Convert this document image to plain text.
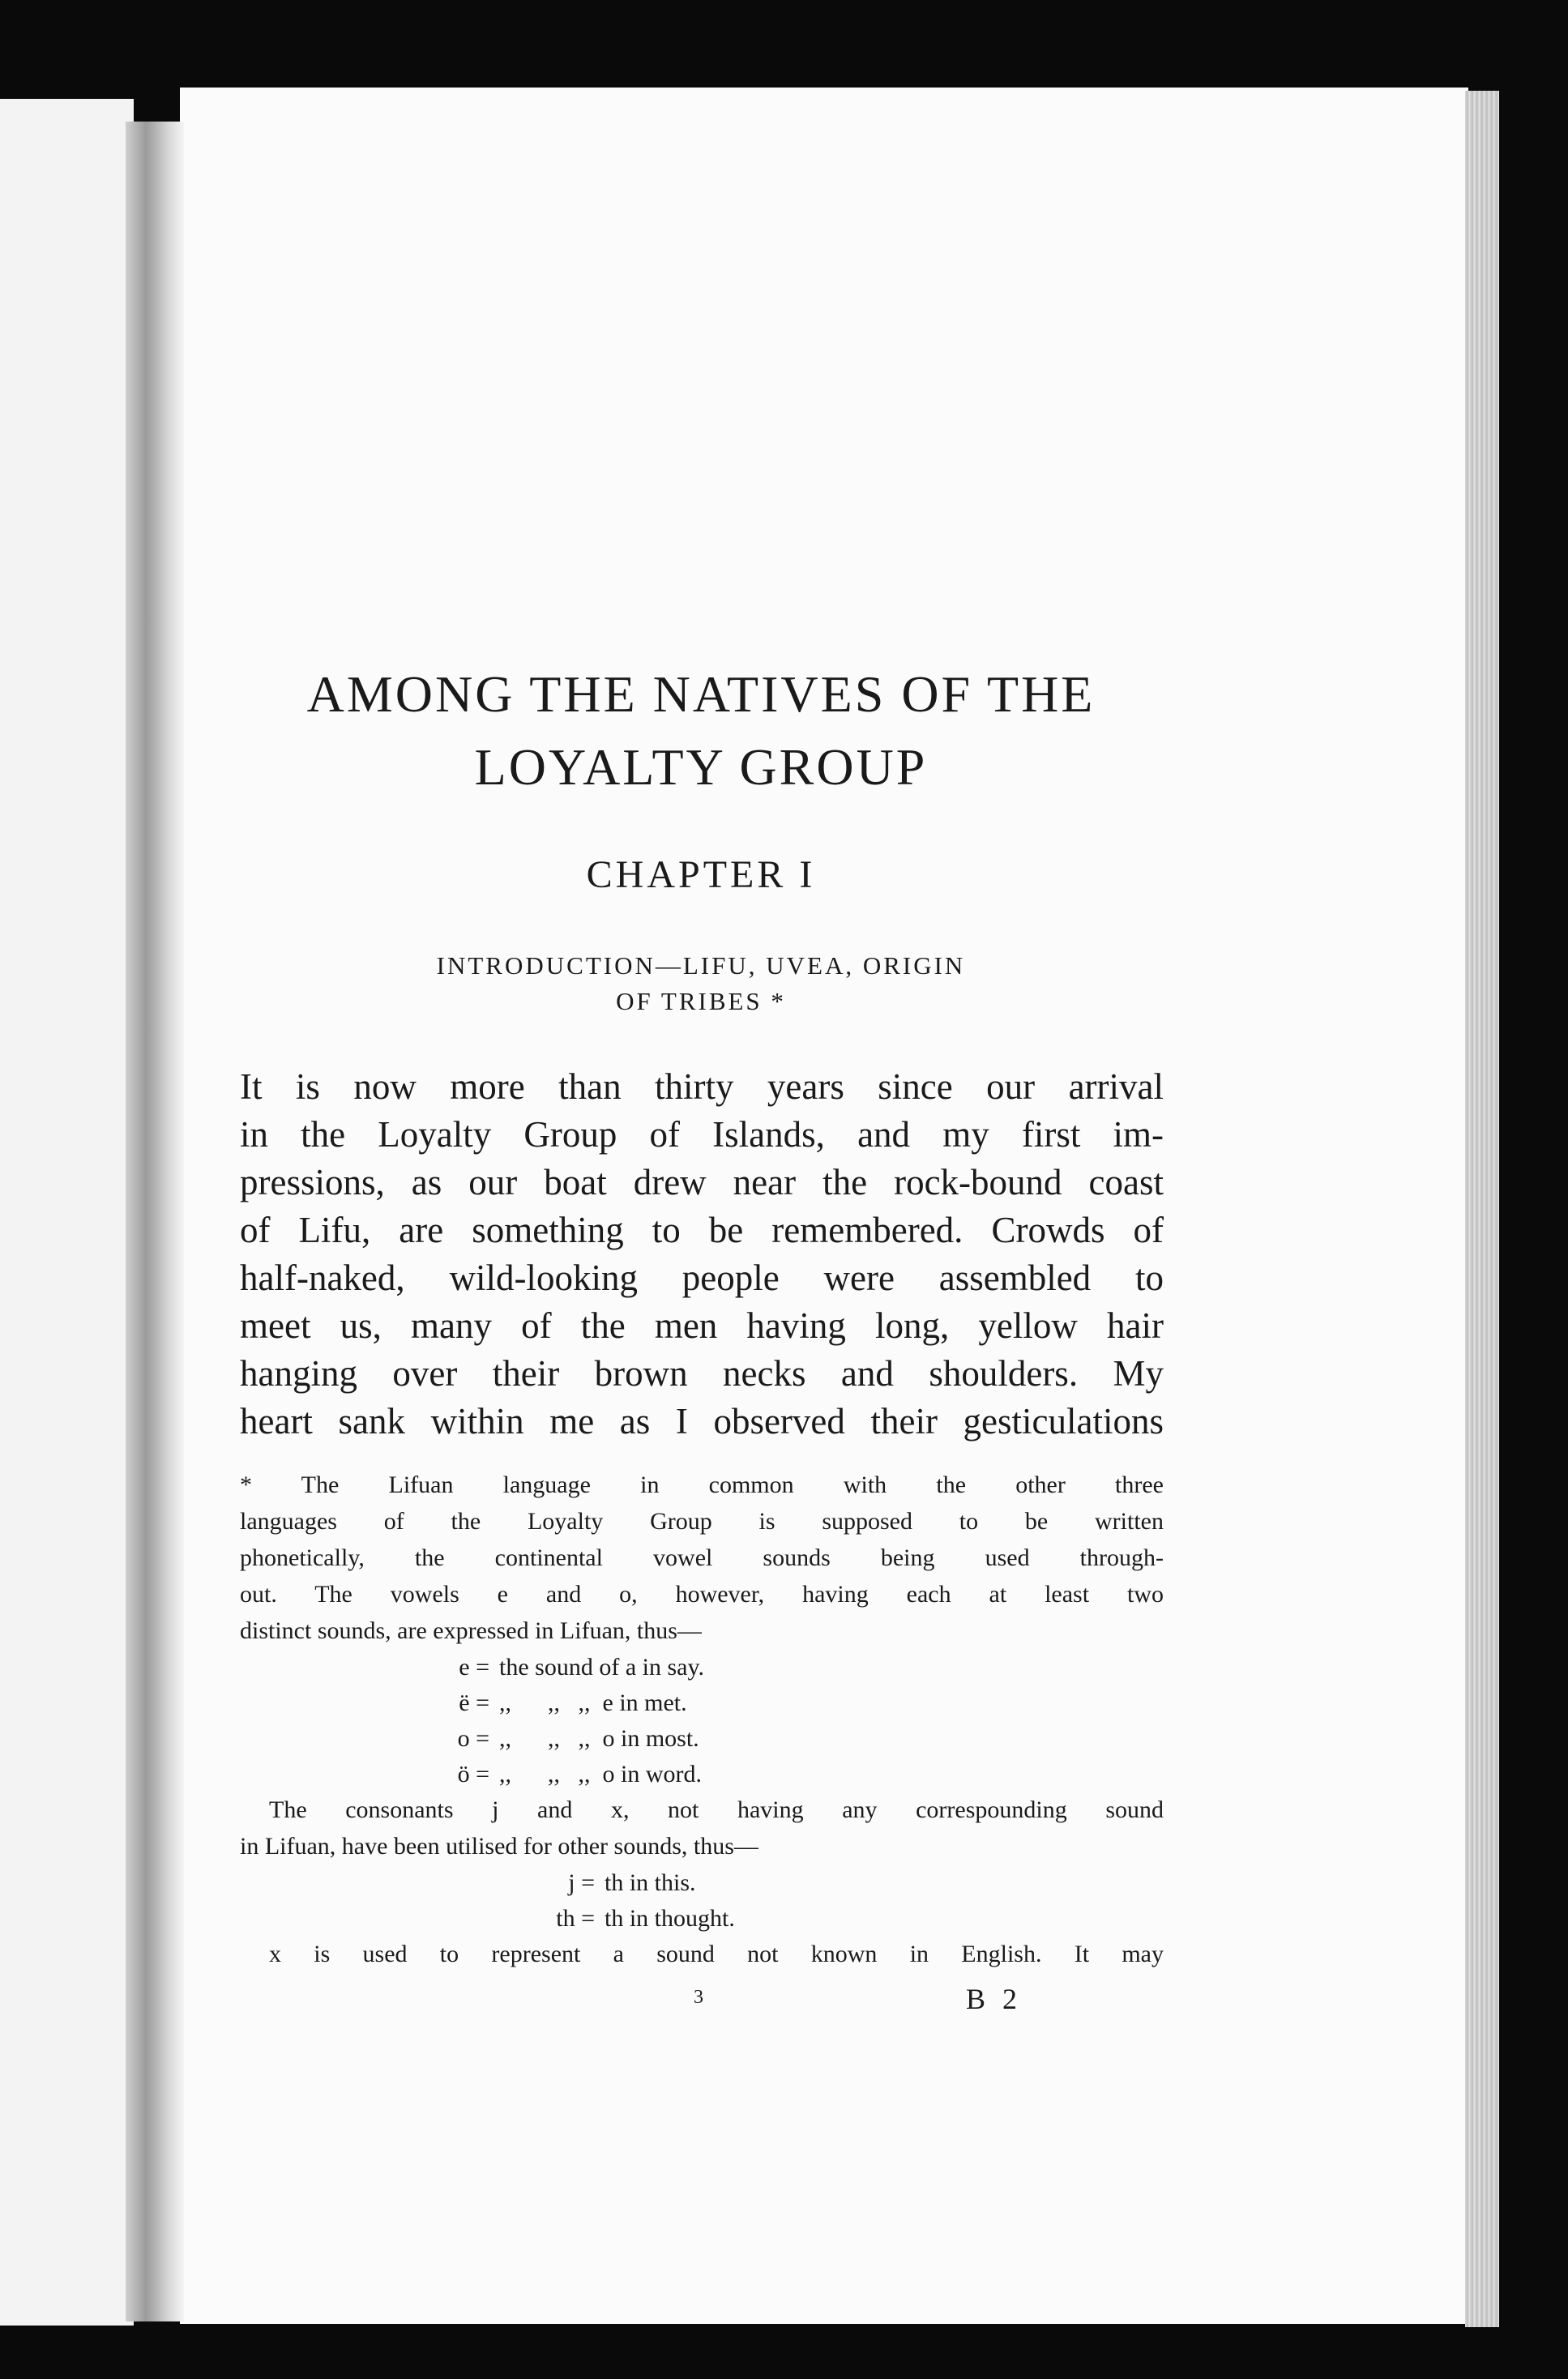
AMONG THE NATIVES OF THE
LOYALTY GROUP
CHAPTER I
INTRODUCTION—LIFU, UVEA, ORIGIN
OF TRIBES *
It is now more than thirty years since our arrival
in the Loyalty Group of Islands, and my first im-
pressions, as our boat drew near the rock-bound coast
of Lifu, are something to be remembered. Crowds of
half-naked, wild-looking people were assembled to
meet us, many of the men having long, yellow hair
hanging over their brown necks and shoulders. My
heart sank within me as I observed their gesticulations
* The Lifuan language in common with the other three
languages of the Loyalty Group is supposed to be written
phonetically, the continental vowel sounds being used through-
out. The vowels e and o, however, having each at least two
distinct sounds, are expressed in Lifuan, thus—
e = the sound of a in say.
ë = ,,      ,,   ,,  e in met.
o = ,,      ,,   ,,  o in most.
ö = ,,      ,,   ,,  o in word.
The consonants j and x, not having any correspounding sound
in Lifuan, have been utilised for other sounds, thus—
j = th in this.
th = th in thought.
x is used to represent a sound not known in English. It may
3	B 2
